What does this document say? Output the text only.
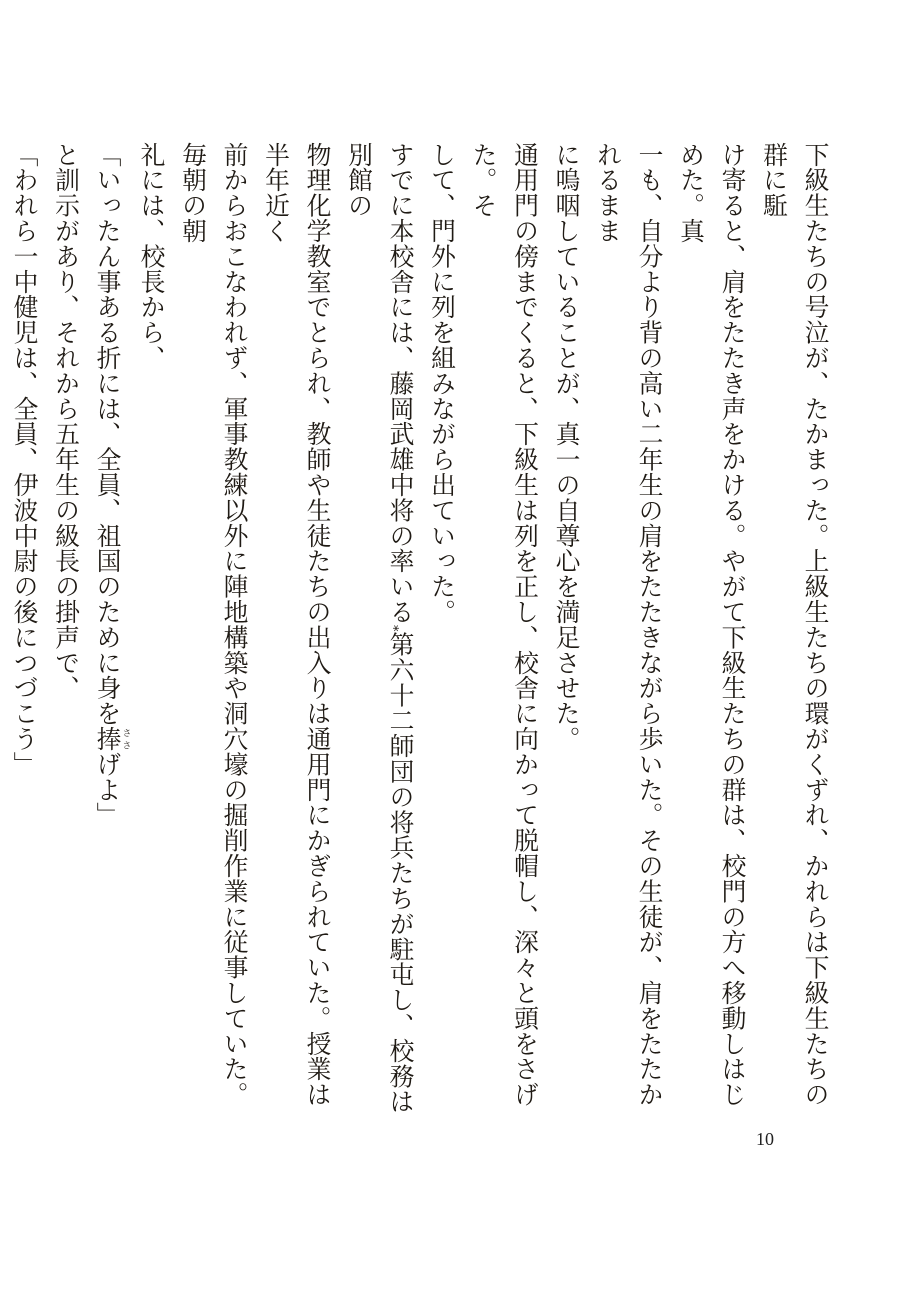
下級生たちの号泣が、たかまった。上級生たちの環がくずれ、かれらは下級生たちの群に駈
け寄ると、肩をたたき声をかける。やがて下級生たちの群は、校門の方へ移動しはじめた。真
一も、自分より背の高い二年生の肩をたたきながら歩いた。その生徒が、肩をたたかれるまま
に嗚咽していることが、真一の自尊心を満足させた。
通用門の傍までくると、下級生は列を正し、校舎に向かって脱帽し、深々と頭をさげた。そ
して、門外に列を組みながら出ていった。
すでに本校舎には、藤岡武雄中将の率いる*第六十二師団の将兵たちが駐屯し、校務は別館の
物理化学教室でとられ、教師や生徒たちの出入りは通用門にかぎられていた。授業は半年近く
前からおこなわれず、軍事教練以外に陣地構築や洞穴壕の掘削作業に従事していた。毎朝の朝
礼には、校長から、
「いったん事ある折には、全員、祖国のために身を捧ささげよ」
と訓示があり、それから五年生の級長の掛声で、
「われら一中健児は、全員、伊波中尉の後につづこう」
10
